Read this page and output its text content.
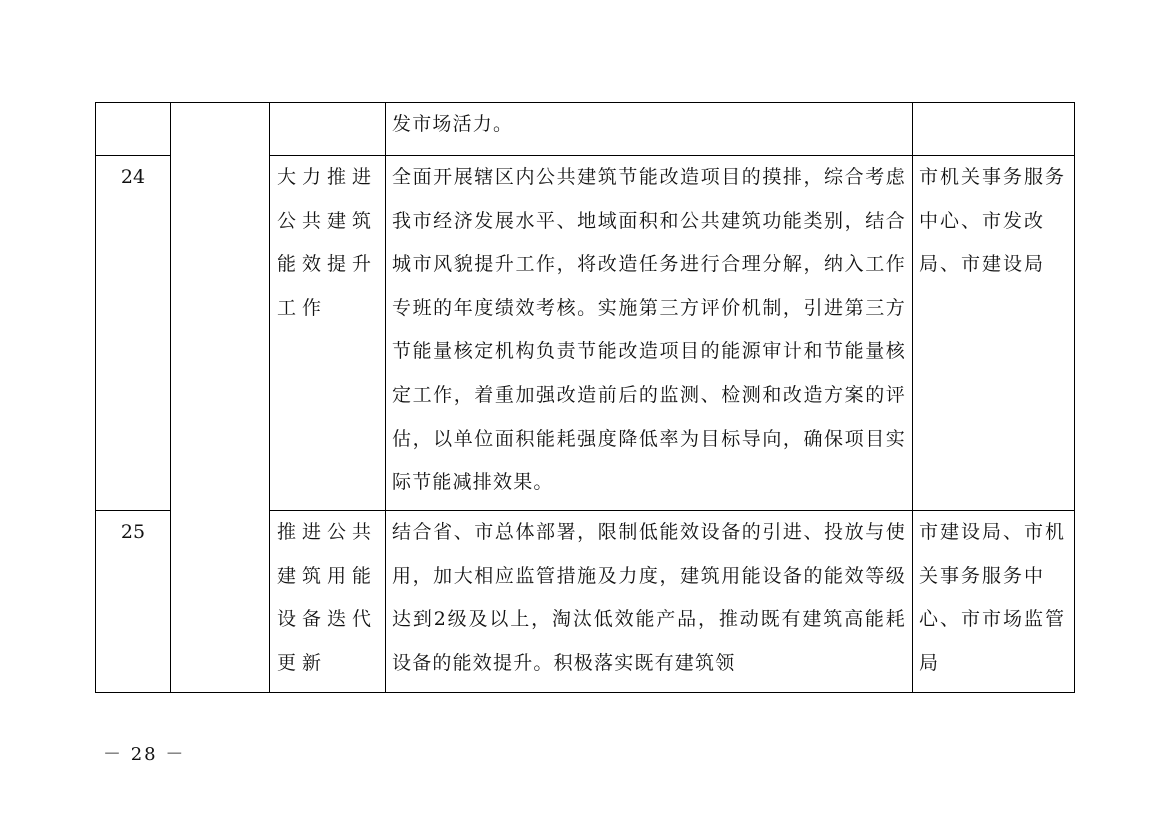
			发市场活力。	

24		大力推进公共建筑能效提升工作	全面开展辖区内公共建筑节能改造项目的摸排，综合考虑我市经济发展水平、地域面积和公共建筑功能类别，结合城市风貌提升工作，将改造任务进行合理分解，纳入工作专班的年度绩效考核。实施第三方评价机制，引进第三方节能量核定机构负责节能改造项目的能源审计和节能量核定工作，着重加强改造前后的监测、检测和改造方案的评估，以单位面积能耗强度降低率为目标导向，确保项目实际节能减排效果。	市机关事务服务中心、市发改局、市建设局

25		推进公共建筑用能设备迭代更新	结合省、市总体部署，限制低能效设备的引进、投放与使用，加大相应监管措施及力度，建筑用能设备的能效等级达到2级及以上，淘汰低效能产品，推动既有建筑高能耗设备的能效提升。积极落实既有建筑领	市建设局、市机关事务服务中心、市市场监管局
－ 28 －
